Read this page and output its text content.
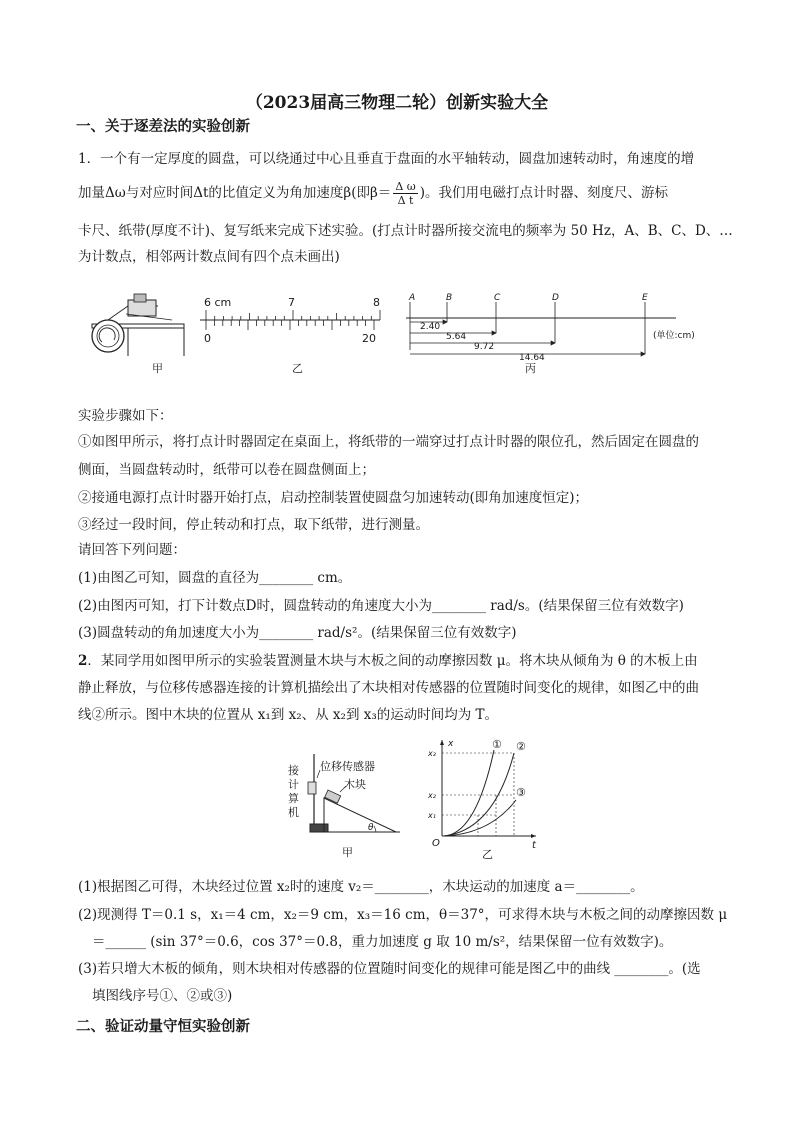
（2023届高三物理二轮）创新实验大全
一、关于逐差法的实验创新
1．一个有一定厚度的圆盘，可以绕通过中心且垂直于盘面的水平轴转动，圆盘加速转动时，角速度的增
加量Δω与对应时间Δt的比值定义为角加速度β(即$\beta= \frac{\text{Δ ω}}{\text{Δ t}}$ )。我们用电磁打点计时器、刻度尺、游标
卡尺、纸带(厚度不计)、复写纸来完成下述实验。(打点计时器所接交流电的频率为 50 Hz，A、B、C、D、…
为计数点，相邻两计数点间有四个点未画出)
甲
6 cm	7	8
0	20
乙
A	B	C	D	E
2.40
5.64
9.72
14.64
(单位:cm)
丙
实验步骤如下：
①如图甲所示，将打点计时器固定在桌面上，将纸带的一端穿过打点计时器的限位孔，然后固定在圆盘的
侧面，当圆盘转动时，纸带可以卷在圆盘侧面上；
②接通电源打点计时器开始打点，启动控制装置使圆盘匀加速转动(即角加速度恒定)；
③经过一段时间，停止转动和打点，取下纸带，进行测量。
请回答下列问题：
(1)由图乙可知，圆盘的直径为________ cm。
(2)由图丙可知，打下计数点D时，圆盘转动的角速度大小为________ rad/s。(结果保留三位有效数字)
(3)圆盘转动的角加速度大小为________ rad/s²。(结果保留三位有效数字)
2．某同学用如图甲所示的实验装置测量木块与木板之间的动摩擦因数 μ。将木块从倾角为 θ 的木板上由
静止释放，与位移传感器连接的计算机描绘出了木块相对传感器的位置随时间变化的规律，如图乙中的曲
线②所示。图中木块的位置从 x₁到 x₂、从 x₂到 x₃的运动时间均为 T。
接
计
算
机
位移传感器
木块
θ
甲
x
t
O
x₃
x₂
x₁
① ②
③
乙
(1)根据图乙可得，木块经过位置 x₂时的速度 v₂＝________，木块运动的加速度 a＝________。
(2)现测得 T＝0.1 s，x₁＝4 cm，x₂＝9 cm，x₃＝16 cm，θ＝37°，可求得木块与木板之间的动摩擦因数 μ
＝______ (sin 37°＝0.6，cos 37°＝0.8，重力加速度 g 取 10 m/s²，结果保留一位有效数字)。
(3)若只增大木板的倾角，则木块相对传感器的位置随时间变化的规律可能是图乙中的曲线 ________。(选
填图线序号①、②或③)
二、验证动量守恒实验创新
